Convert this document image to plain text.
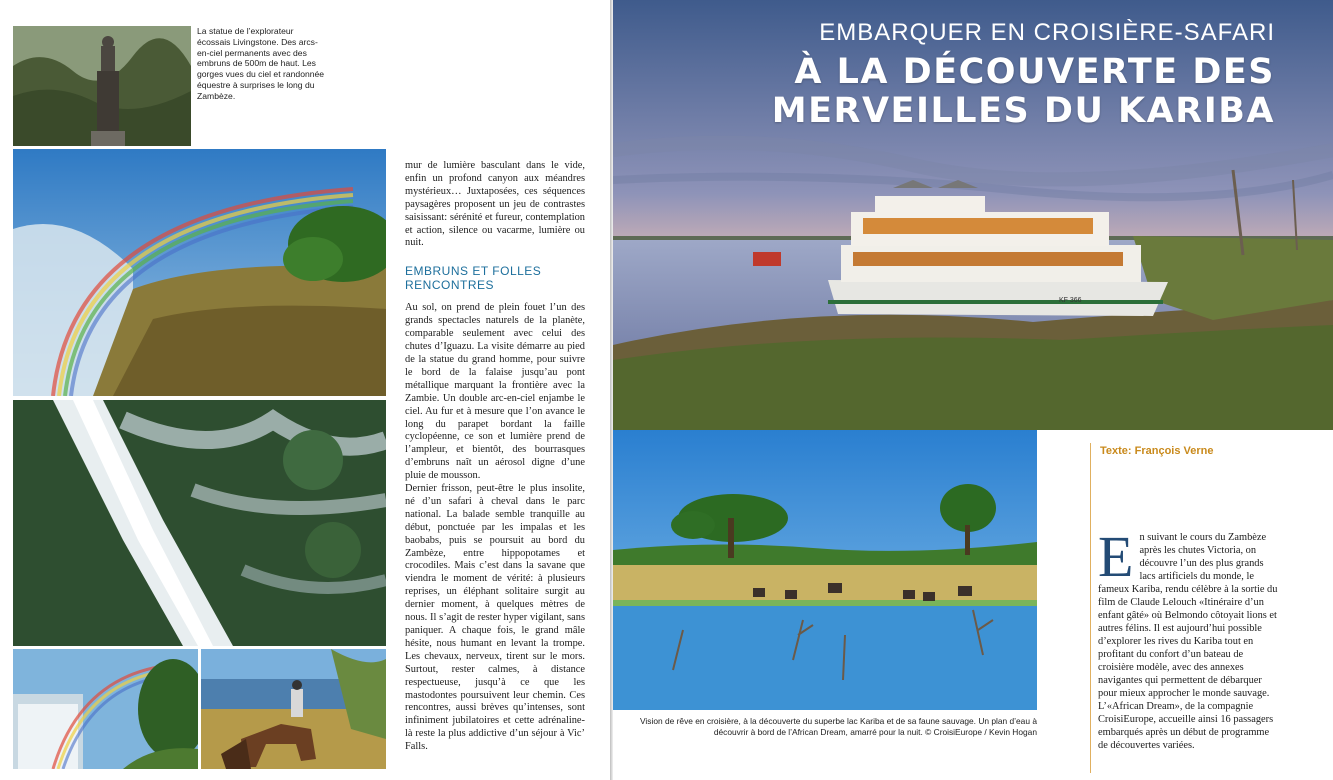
La statue de l’explorateur écossais Livingstone. Des arcs-en-ciel permanents avec des embruns de 500m de haut. Les gorges vues du ciel et randonnée équestre à surprises le long du Zambèze.

mur de lumière basculant dans le vide, enfin un profond canyon aux méandres mystérieux… Juxtaposées, ces séquences paysagères proposent un jeu de contrastes saisissant: sérénité et fureur, contemplation et action, silence ou vacarme, lumière ou nuit.

EMBRUNS ET FOLLES RENCONTRES

Au sol, on prend de plein fouet l’un des grands spectacles naturels de la planète, comparable seulement avec celui des chutes d’Iguazu. La visite démarre au pied de la statue du grand homme, pour suivre le bord de la falaise jusqu’au pont métallique marquant la frontière avec la Zambie. Un double arc-en-ciel enjambe le ciel. Au fur et à mesure que l’on avance le long du parapet bordant la faille cyclopéenne, ce son et lumière prend de l’ampleur, et bientôt, des bourrasques d’embruns naît un aérosol digne d’une pluie de mousson.

Dernier frisson, peut-être le plus insolite, né d’un safari à cheval dans le parc national. La balade semble tranquille au début, ponctuée par les impalas et les baobabs, puis se poursuit au bord du Zambèze, entre hippopotames et crocodiles. Mais c’est dans la savane que viendra le moment de vérité: à plusieurs reprises, un éléphant solitaire surgit au dernier moment, à quelques mètres de nous. Il s’agit de rester hyper vigilant, sans paniquer. A chaque fois, le grand mâle hésite, nous humant en levant la trompe. Les chevaux, nerveux, tirent sur le mors. Surtout, rester calmes, à distance respectueuse, jusqu’à ce que les mastodontes poursuivent leur chemin. Ces rencontres, aussi brèves qu’intenses, sont infiniment jubilatoires et cette adrénaline-là reste la plus addictive d’un séjour à Vic’ Falls.

KF 366
EMBARQUER EN CROISIÈRE-SAFARI
À LA DÉCOUVERTE DES
MERVEILLES DU KARIBA
Vision de rêve en croisière, à la découverte du superbe lac Kariba et de sa faune sauvage. Un plan d’eau à découvrir à bord de l’African Dream, amarré pour la nuit. © CroisiEurope / Kevin Hogan
Texte: François Verne
E n suivant le cours du Zambèze après les chutes Victoria, on découvre l’un des plus grands lacs artificiels du monde, le fameux Kariba, rendu célèbre à la sortie du film de Claude Lelouch «Itinéraire d’un enfant gâté» où Belmondo côtoyait lions et autres félins. Il est aujourd’hui possible d’explorer les rives du Kariba tout en profitant du confort d’un bateau de croisière modèle, avec des annexes navigantes qui permettent de débarquer pour mieux approcher le monde sauvage. L’«African Dream», de la compagnie CroisiEurope, accueille ainsi 16 passagers embarqués après un début de programme de découvertes variées.
